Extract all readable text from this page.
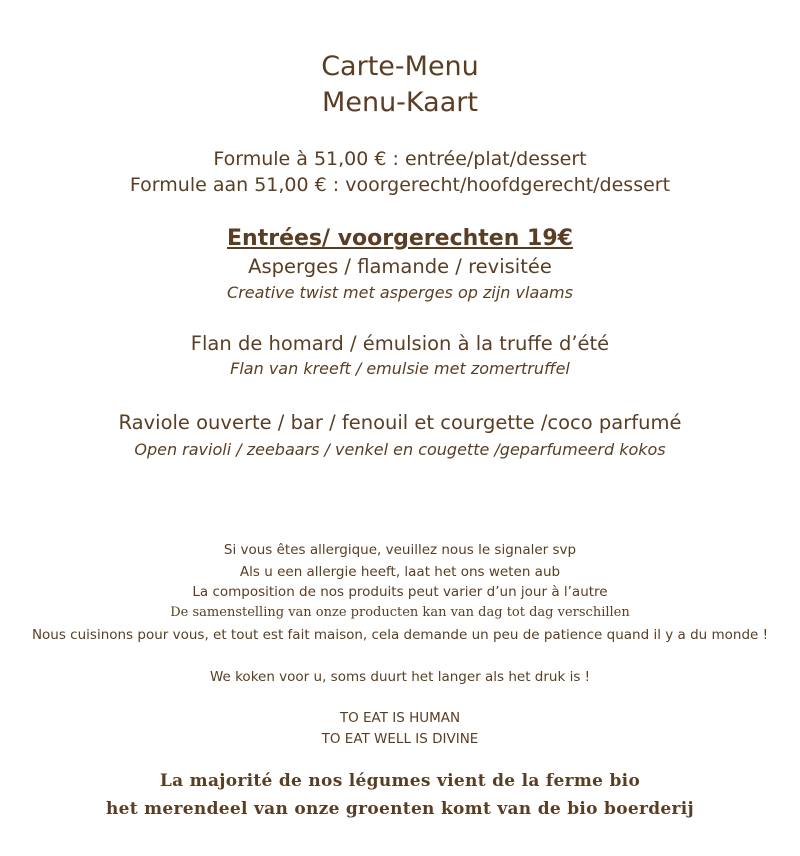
Carte-Menu
Menu-Kaart
Formule à 51,00 € : entrée/plat/dessert
Formule aan 51,00 € : voorgerecht/hoofdgerecht/dessert
Entrées/ voorgerechten 19€
Asperges / flamande / revisitée
Creative twist met asperges op zijn vlaams
Flan de homard / émulsion à la truffe d’été
Flan van kreeft / emulsie met zomertruffel
Raviole ouverte / bar / fenouil et courgette /coco parfumé
Open ravioli / zeebaars / venkel en cougette /geparfumeerd kokos
Si vous êtes allergique, veuillez nous le signaler svp
Als u een allergie heeft, laat het ons weten aub
La composition de nos produits peut varier d’un jour à l’autre
De samenstelling van onze producten kan van dag tot dag verschillen
Nous cuisinons pour vous, et tout est fait maison, cela demande un peu de patience quand il y a du monde !
We koken voor u, soms duurt het langer als het druk is !
TO EAT IS HUMAN
TO EAT WELL IS DIVINE
La majorité de nos légumes vient de la ferme bio
het merendeel van onze groenten komt van de bio boerderij
